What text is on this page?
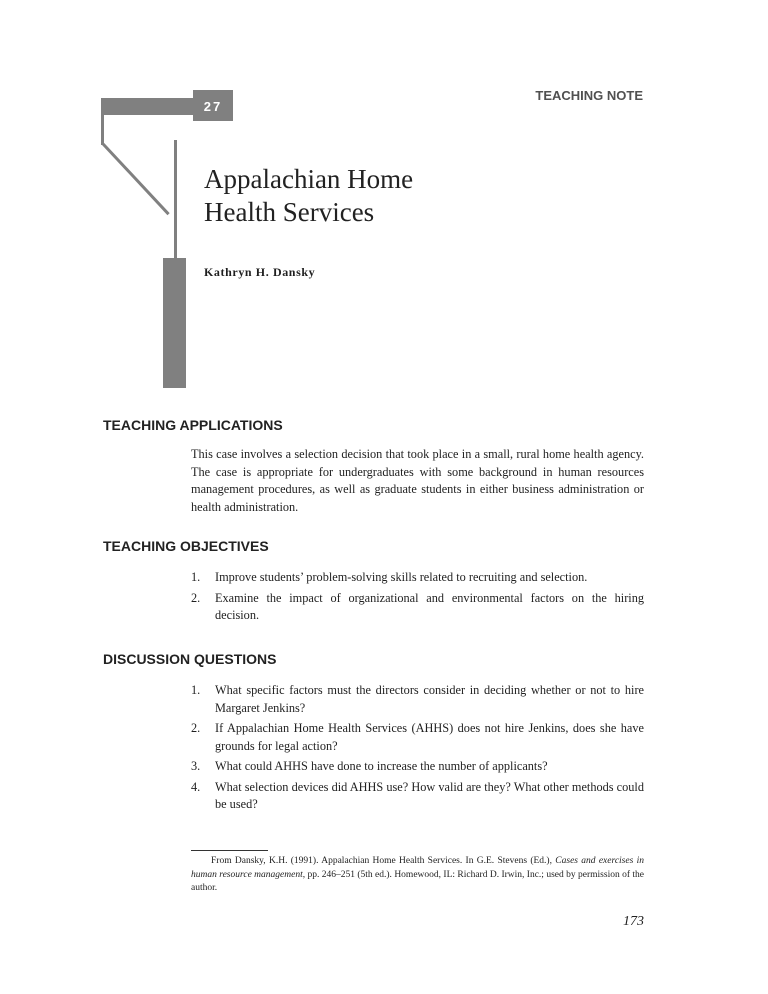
27
TEACHING NOTE
Appalachian Home
Health Services
Kathryn H. Dansky
TEACHING APPLICATIONS
This case involves a selection decision that took place in a small, rural home health agency. The case is appropriate for undergraduates with some background in human resources management procedures, as well as graduate students in either business administration or health administration.
TEACHING OBJECTIVES
1.	Improve students’ problem-solving skills related to recruiting and selection.
2.	Examine the impact of organizational and environmental factors on the hiring decision.
DISCUSSION QUESTIONS
1.	What specific factors must the directors consider in deciding whether or not to hire Margaret Jenkins?
2.	If Appalachian Home Health Services (AHHS) does not hire Jenkins, does she have grounds for legal action?
3.	What could AHHS have done to increase the number of applicants?
4.	What selection devices did AHHS use? How valid are they? What other methods could be used?
From Dansky, K.H. (1991). Appalachian Home Health Services. In G.E. Stevens (Ed.), Cases and exercises in human resource management, pp. 246–251 (5th ed.). Homewood, IL: Richard D. Irwin, Inc.; used by permission of the author.
173
